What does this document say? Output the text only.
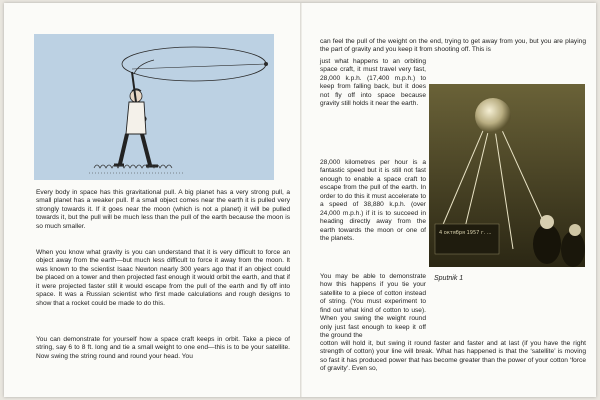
Every body in space has this gravitational pull. A big planet has a very strong pull, a small planet has a weaker pull. If a small object comes near the earth it is pulled very strongly towards it. If it goes near the moon (which is not a planet) it will be pulled towards it, but the pull will be much less than the pull of the earth because the moon is so much smaller.

When you know what gravity is you can understand that it is very difficult to force an object away from the earth—but much less difficult to force it away from the moon. It was known to the scientist Isaac Newton nearly 300 years ago that if an object could be placed on a tower and then projected fast enough it would orbit the earth, and that if it were projected faster still it would escape from the pull of the earth and fly off into space. It was a Russian scientist who first made calculations and rough designs to show that a rocket could be made to do this.

You can demonstrate for yourself how a space craft keeps in orbit. Take a piece of string, say 6 to 8 ft. long and tie a small weight to one end—this is to be your satellite. Now swing the string round and round your head. You

can feel the pull of the weight on the end, trying to get away from you, but you are playing the part of gravity and you keep it from shooting off. This is

just what happens to an orbiting space craft, it must travel very fast, 28,000 k.p.h. (17,400 m.p.h.) to keep from falling back, but it does not fly off into space because gravity still holds it near the earth.

28,000 kilometres per hour is a fantastic speed but it is still not fast enough to enable a space craft to escape from the pull of the earth. In order to do this it must accelerate to a speed of 38,880 k.p.h. (over 24,000 m.p.h.) if it is to succeed in heading directly away from the earth towards the moon or one of the planets.

You may be able to demonstrate how this happens if you tie your satellite to a piece of cotton instead of string. (You must experiment to find out what kind of cotton to use). When you swing the weight round only just fast enough to keep it off the ground the

cotton will hold it, but swing it round faster and faster and at last (if you have the right strength of cotton) your line will break. What has happened is that the ‘satellite’ is moving so fast it has produced power that has become greater than the power of your cotton ‘force of gravity’. Even so,

4 октября 1957 г. ...
Sputnik 1
